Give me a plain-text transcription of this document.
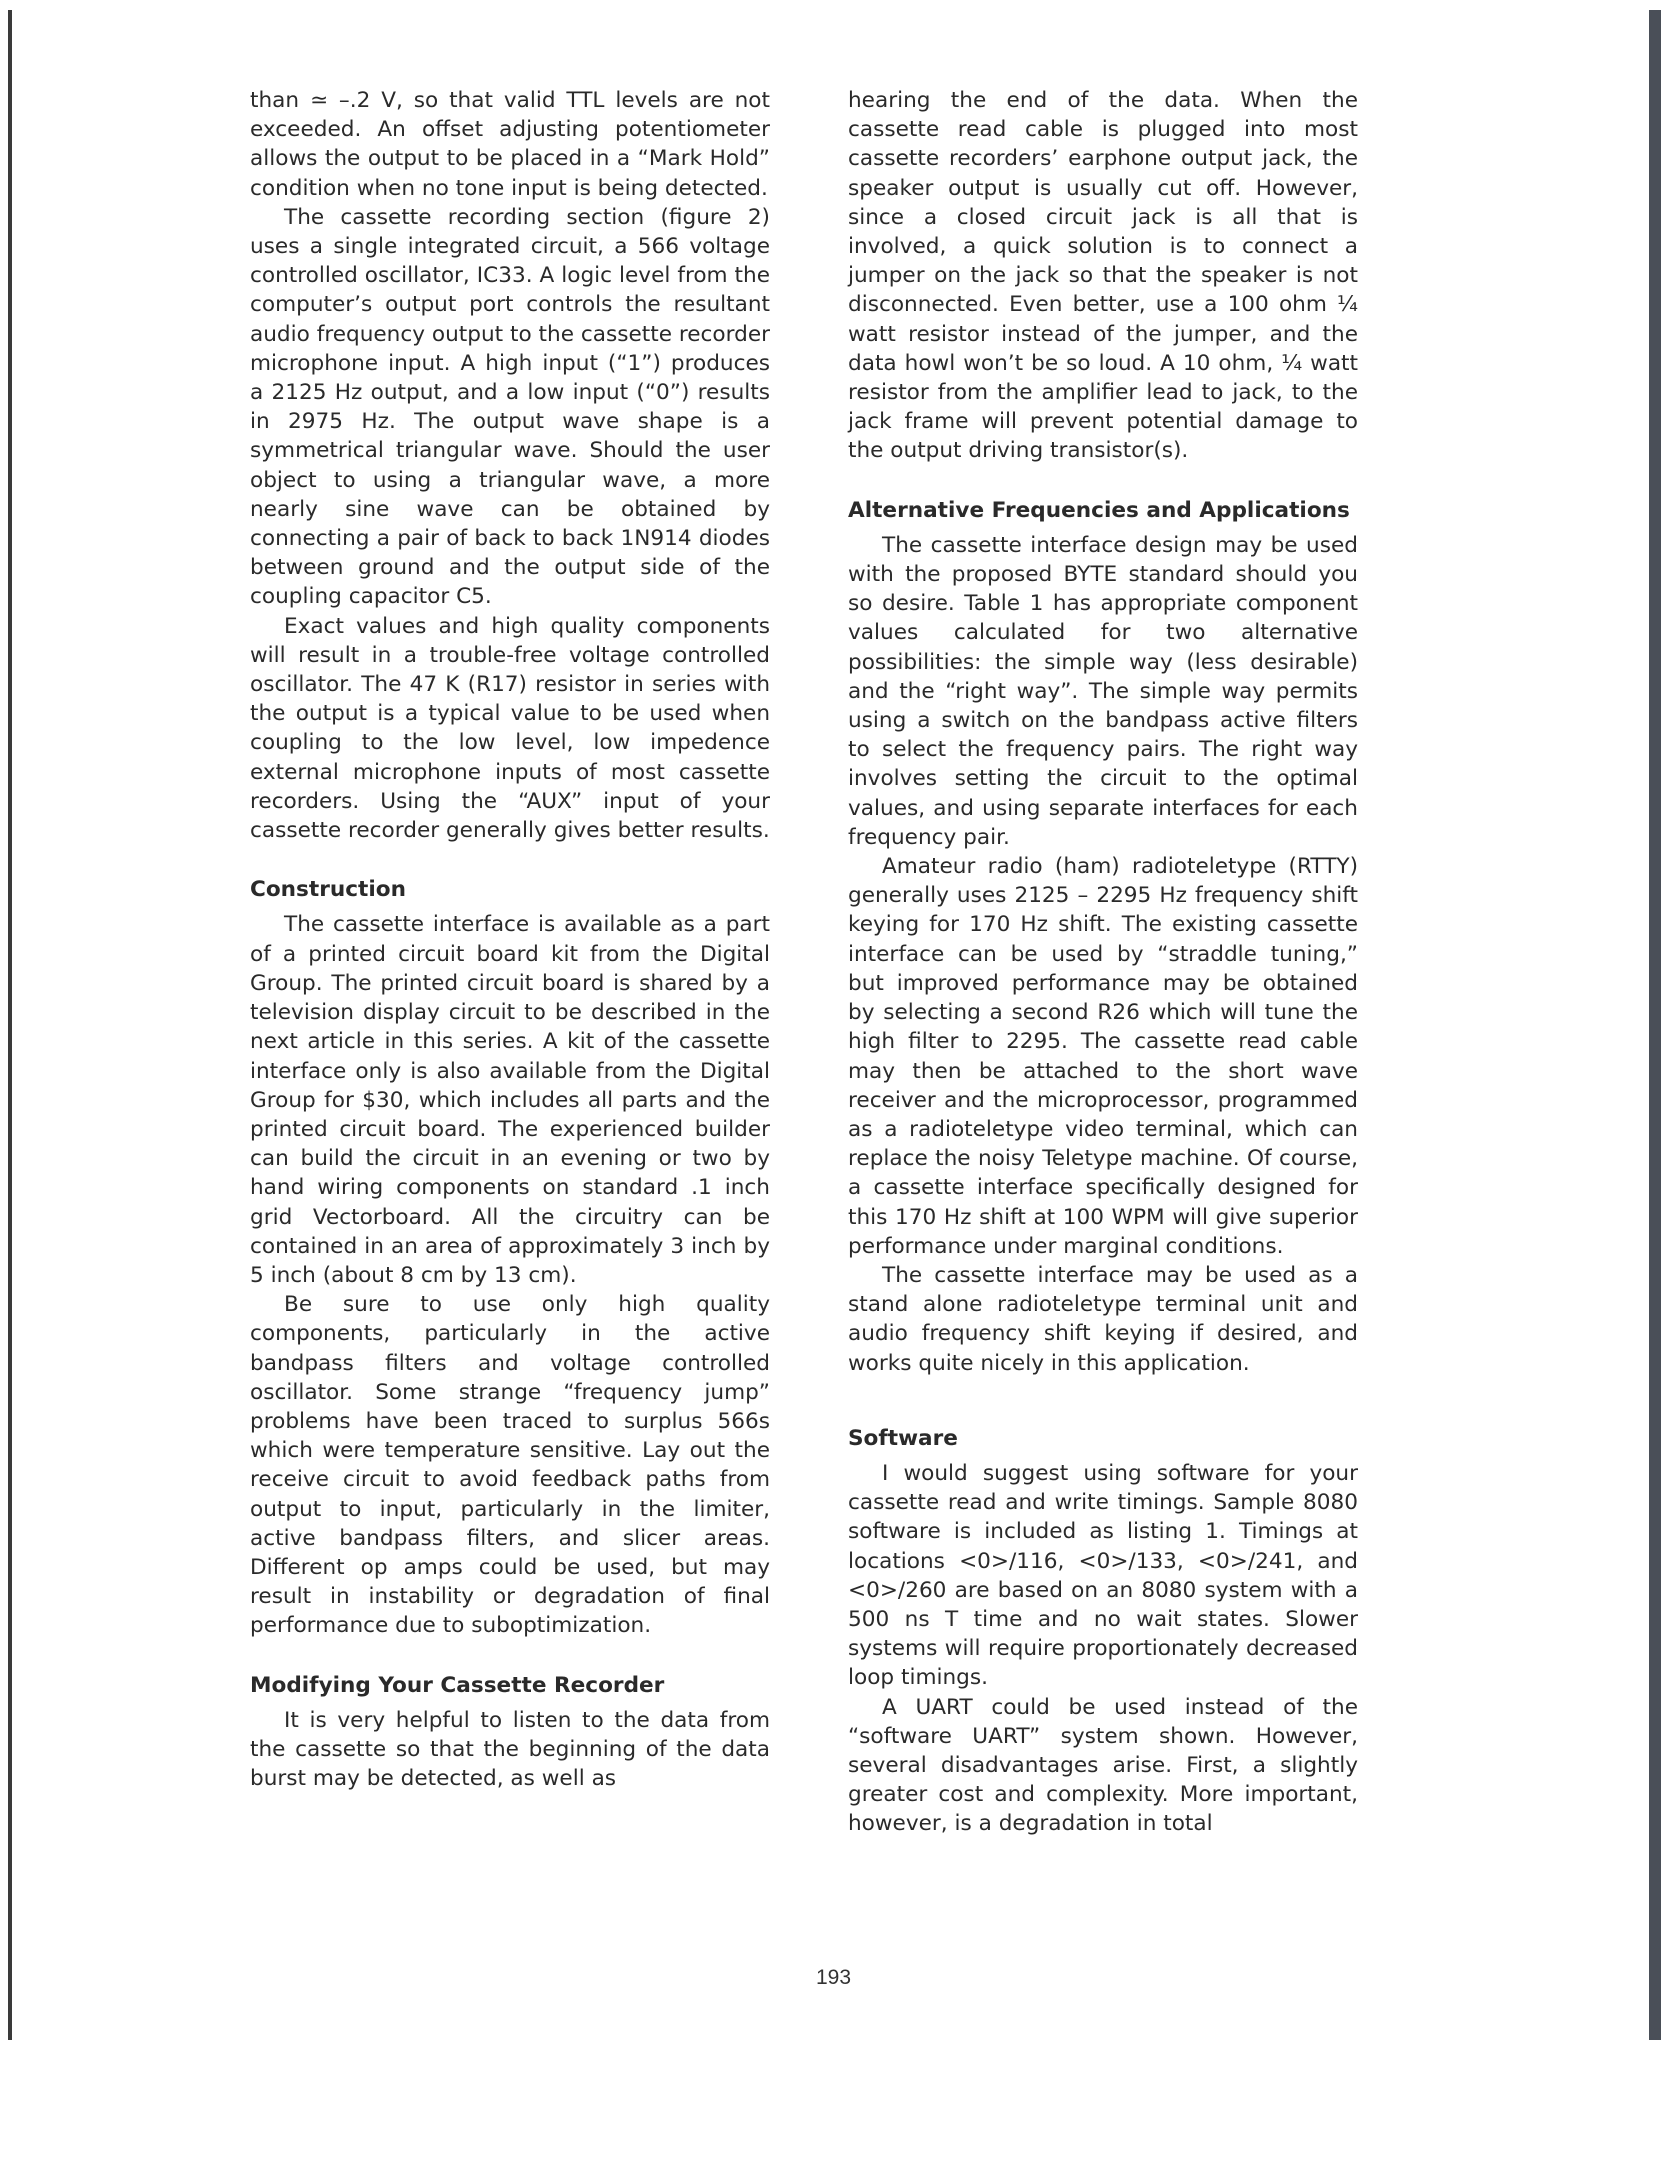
than ≃ –.2 V, so that valid TTL levels are not exceeded. An offset adjusting potentiometer allows the output to be placed in a “Mark Hold” condition when no tone input is being detected.

The cassette recording section (figure 2) uses a single integrated circuit, a 566 voltage controlled oscillator, IC33. A logic level from the computer’s output port controls the resultant audio frequency output to the cassette recorder microphone input. A high input (“1”) produces a 2125 Hz output, and a low input (“0”) results in 2975 Hz. The output wave shape is a symmetrical triangular wave. Should the user object to using a triangular wave, a more nearly sine wave can be obtained by connecting a pair of back to back 1N914 diodes between ground and the output side of the coupling capacitor C5.

Exact values and high quality components will result in a trouble-free voltage controlled oscillator. The 47 K (R17) resistor in series with the output is a typical value to be used when coupling to the low level, low impedence external microphone inputs of most cassette recorders. Using the “AUX” input of your cassette recorder generally gives better results.

Construction

The cassette interface is available as a part of a printed circuit board kit from the Digital Group. The printed circuit board is shared by a television display circuit to be described in the next article in this series. A kit of the cassette interface only is also available from the Digital Group for $30, which includes all parts and the printed circuit board. The experienced builder can build the circuit in an evening or two by hand wiring components on standard .1 inch grid Vectorboard. All the circuitry can be contained in an area of approximately 3 inch by 5 inch (about 8 cm by 13 cm).

Be sure to use only high quality components, particularly in the active bandpass filters and voltage controlled oscillator. Some strange “frequency jump” problems have been traced to surplus 566s which were temperature sensitive. Lay out the receive circuit to avoid feedback paths from output to input, particularly in the limiter, active bandpass filters, and slicer areas. Different op amps could be used, but may result in instability or degradation of final performance due to suboptimization.

Modifying Your Cassette Recorder

It is very helpful to listen to the data from the cassette so that the beginning of the data burst may be detected, as well as

hearing the end of the data. When the cassette read cable is plugged into most cassette recorders’ earphone output jack, the speaker output is usually cut off. However, since a closed circuit jack is all that is involved, a quick solution is to connect a jumper on the jack so that the speaker is not disconnected. Even better, use a 100 ohm ¼ watt resistor instead of the jumper, and the data howl won’t be so loud. A 10 ohm, ¼ watt resistor from the amplifier lead to jack, to the jack frame will prevent potential damage to the output driving transistor(s).

Alternative Frequencies and Applications

The cassette interface design may be used with the proposed BYTE standard should you so desire. Table 1 has appropriate component values calculated for two alternative possibilities: the simple way (less desirable) and the “right way”. The simple way permits using a switch on the bandpass active filters to select the frequency pairs. The right way involves setting the circuit to the optimal values, and using separate interfaces for each frequency pair.

Amateur radio (ham) radioteletype (RTTY) generally uses 2125 – 2295 Hz frequency shift keying for 170 Hz shift. The existing cassette interface can be used by “straddle tuning,” but improved performance may be obtained by selecting a second R26 which will tune the high filter to 2295. The cassette read cable may then be attached to the short wave receiver and the microprocessor, programmed as a radioteletype video terminal, which can replace the noisy Teletype machine. Of course, a cassette interface specifically designed for this 170 Hz shift at 100 WPM will give superior performance under marginal conditions.

The cassette interface may be used as a stand alone radioteletype terminal unit and audio frequency shift keying if desired, and works quite nicely in this application.

Software

I would suggest using software for your cassette read and write timings. Sample 8080 software is included as listing 1. Timings at locations <0>/116, <0>/133, <0>/241, and <0>/260 are based on an 8080 system with a 500 ns T time and no wait states. Slower systems will require proportionately decreased loop timings.

A UART could be used instead of the “software UART” system shown. However, several disadvantages arise. First, a slightly greater cost and complexity. More important, however, is a degradation in total

193
